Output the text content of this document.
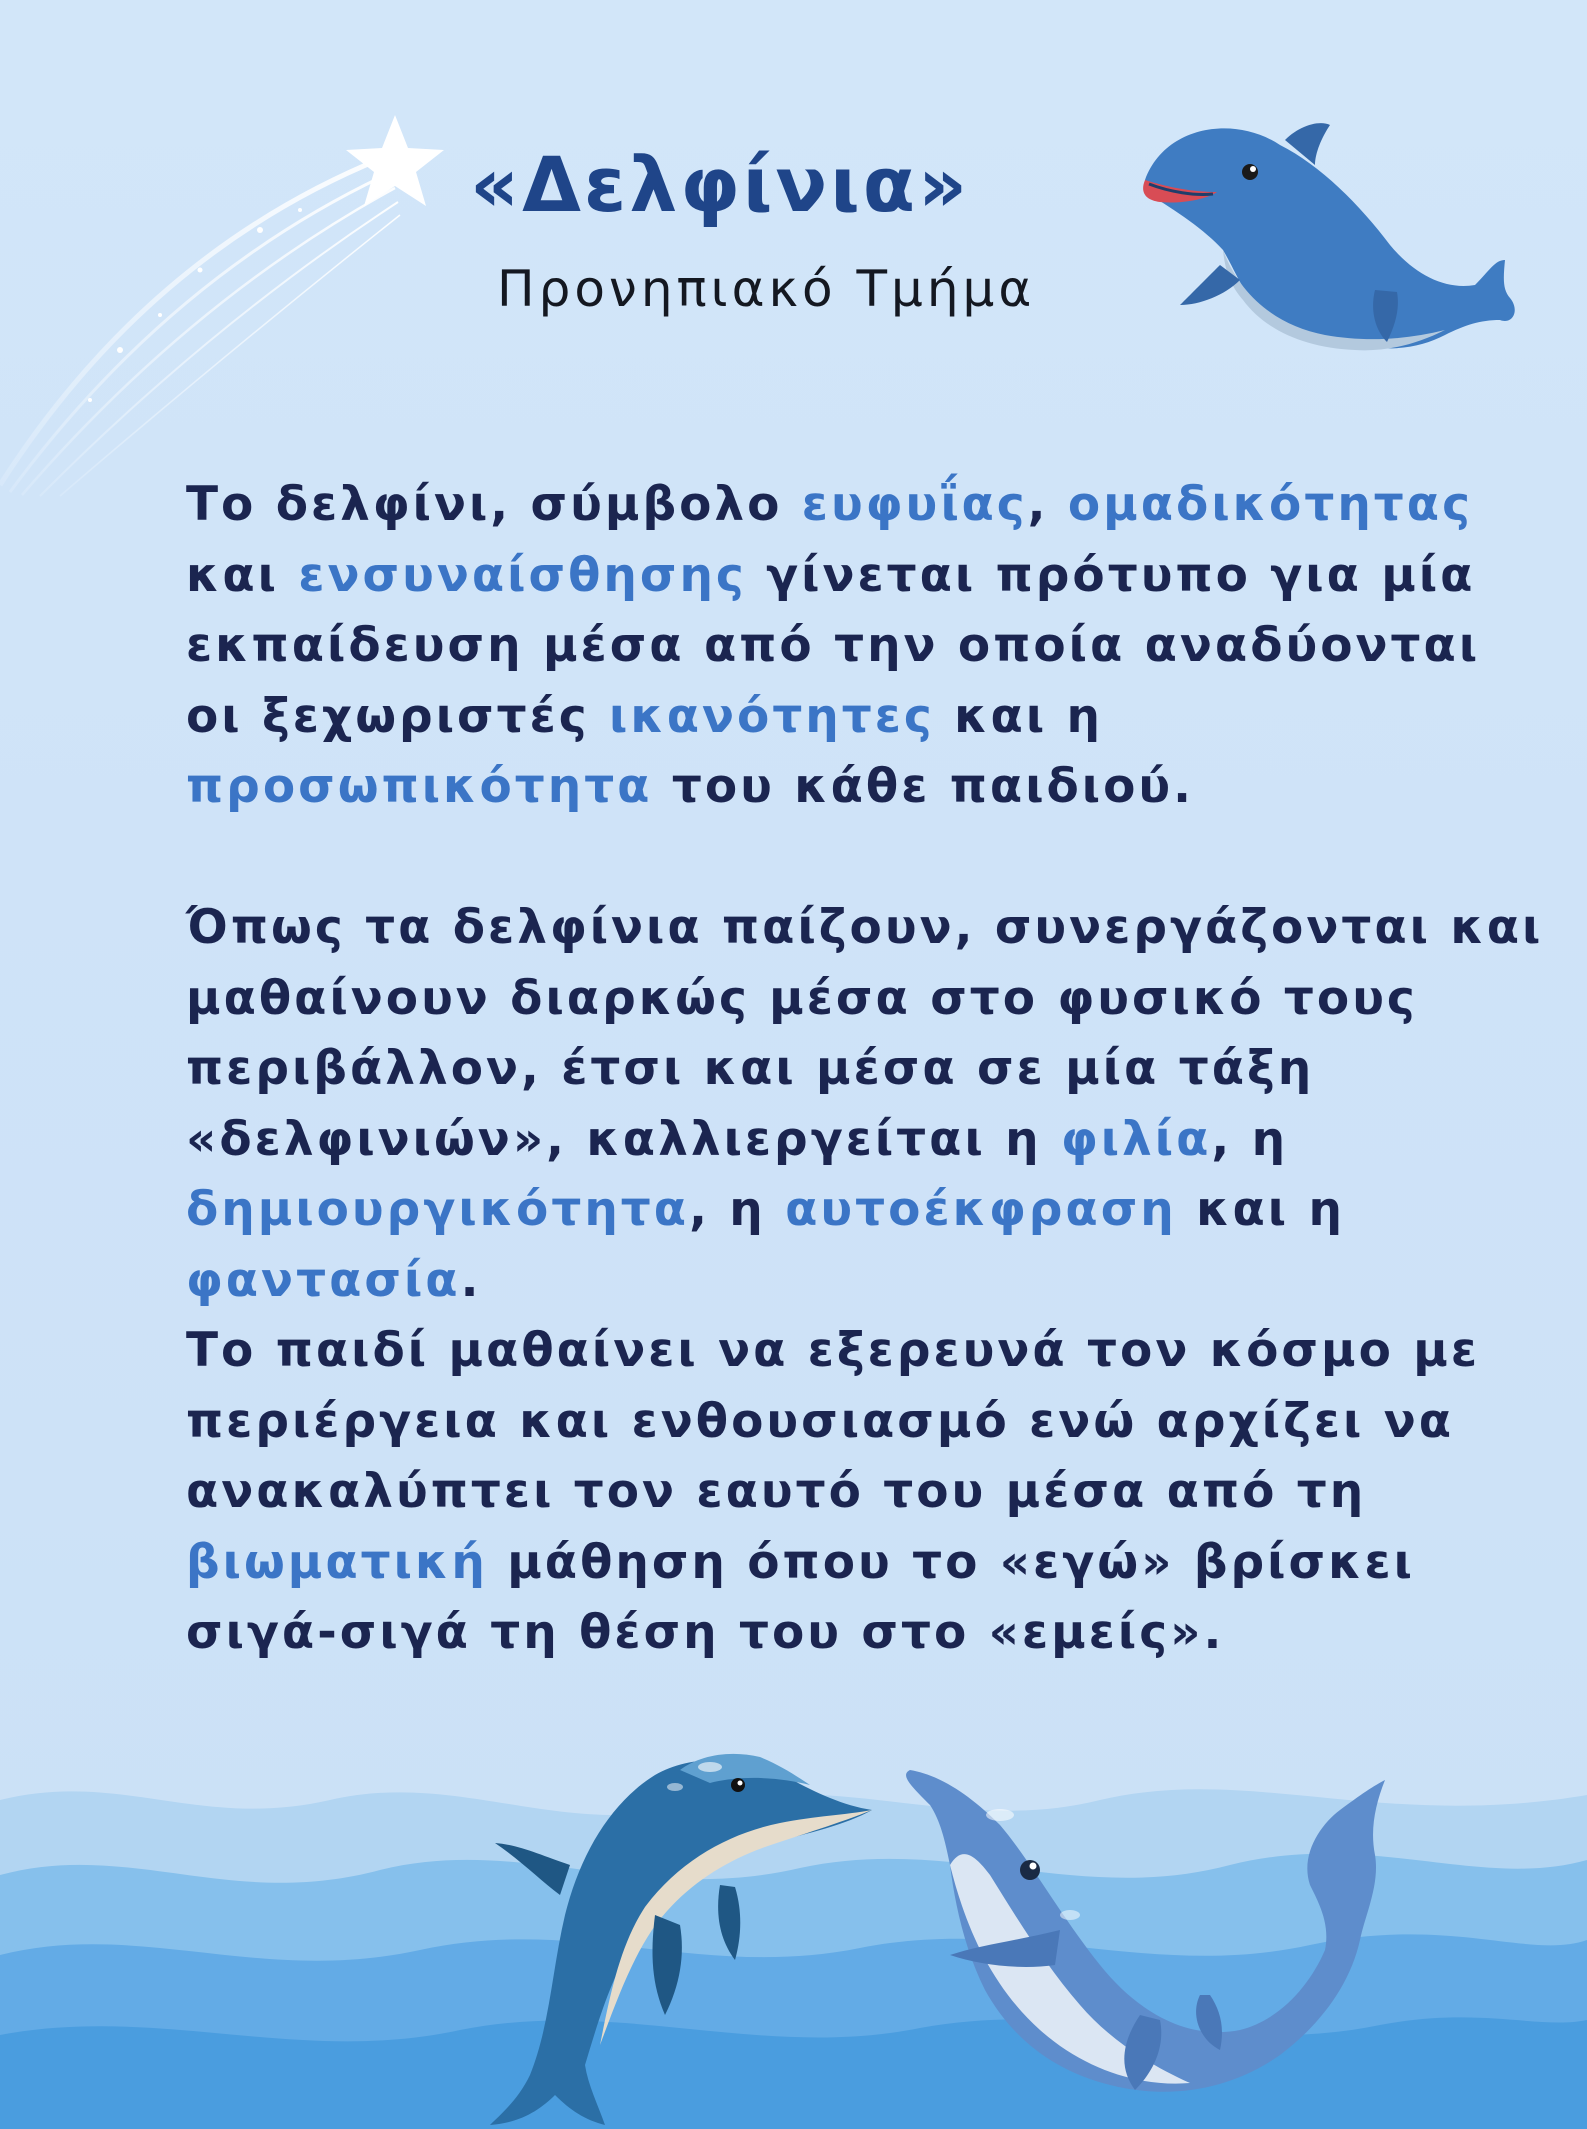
«Δελφίνια»
Προνηπιακό Τμήμα

Το δελφίνι, σύμβολο ευφυΐας, ομαδικότητας

και ενσυναίσθησης γίνεται πρότυπο για μία

εκπαίδευση μέσα από την οποία αναδύονται

οι ξεχωριστές ικανότητες και η

προσωπικότητα του κάθε παιδιού.

Όπως τα δελφίνια παίζουν, συνεργάζονται και

μαθαίνουν διαρκώς μέσα στο φυσικό τους

περιβάλλον, έτσι και μέσα σε μία τάξη

«δελφινιών», καλλιεργείται η φιλία, η

δημιουργικότητα, η αυτοέκφραση και η

φαντασία.

Το παιδί μαθαίνει να εξερευνά τον κόσμο με

περιέργεια και ενθουσιασμό ενώ αρχίζει να

ανακαλύπτει τον εαυτό του μέσα από τη

βιωματική μάθηση όπου το «εγώ» βρίσκει

σιγά-σιγά τη θέση του στο «εμείς».
